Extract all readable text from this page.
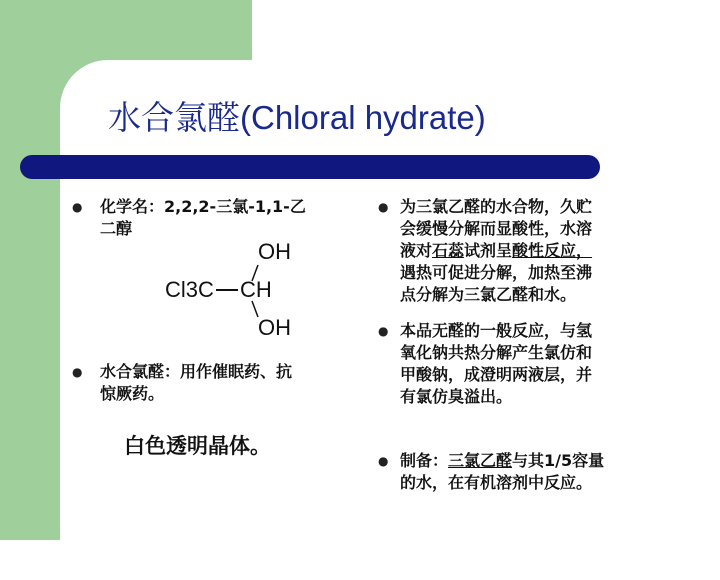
水合氯醛(Chloral hydrate)
● 化学名：2,2,2-三氯-1,1-乙
二醇
OH
Cl3C CH
OH
● 水合氯醛：用作催眠药、抗
惊厥药。
白色透明晶体。
● 为三氯乙醛的水合物，久贮
会缓慢分解而显酸性，水溶
液对石蕊试剂呈酸性反应，
遇热可促进分解，加热至沸
点分解为三氯乙醛和水。
● 本品无醛的一般反应，与氢
氧化钠共热分解产生氯仿和
甲酸钠，成澄明两液层，并
有氯仿臭溢出。
● 制备：三氯乙醛与其1/5容量
的水，在有机溶剂中反应。
